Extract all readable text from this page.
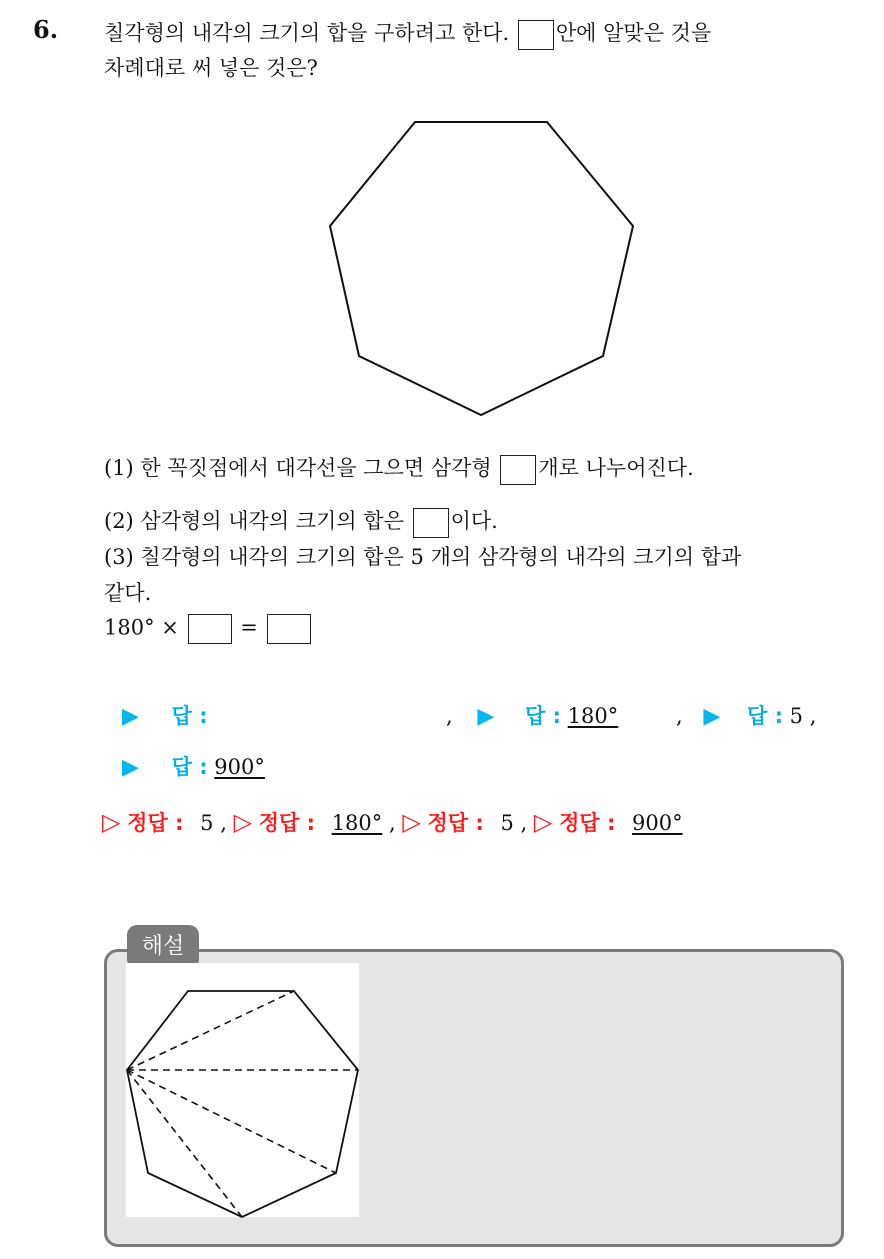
6. 칠각형의 내각의 크기의 합을 구하려고 한다. 안에 알맞은 것을
차례대로 써 넣은 것은?
(1) 한 꼭짓점에서 대각선을 그으면 삼각형 개로 나누어진다.
(2) 삼각형의 내각의 크기의 합은 이다.
(3) 칠각형의 내각의 크기의 합은 5 개의 삼각형의 내각의 크기의 합과
같다.
180° ×	=
▶ 답 :	, ▶ 답 : 180°	, ▶ 답 : 5 ,
▶ 답 : 900°
▷ 정답 : 5 , ▷ 정답 : 180° , ▷ 정답 : 5 , ▷ 정답 : 900°
해설
